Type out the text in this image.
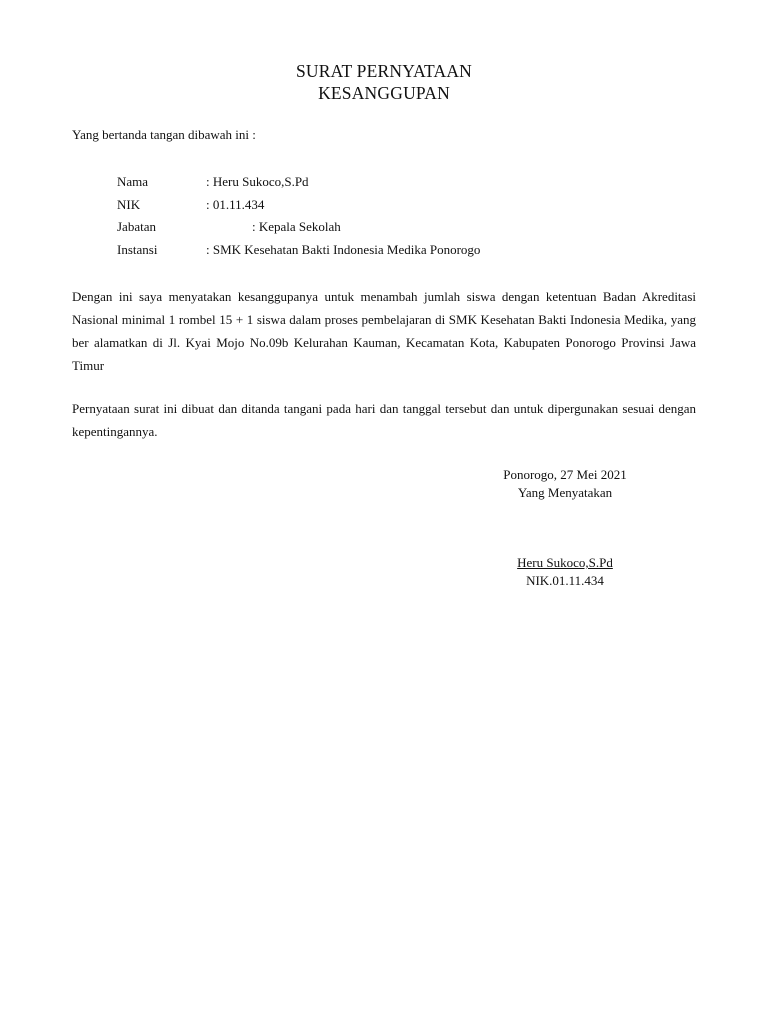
SURAT PERNYATAAN
KESANGGUPAN
Yang bertanda tangan dibawah ini :
Nama	: Heru Sukoco,S.Pd
NIK	: 01.11.434
Jabatan	: Kepala Sekolah
Instansi	: SMK Kesehatan Bakti Indonesia Medika Ponorogo
Dengan ini saya menyatakan kesanggupanya untuk menambah jumlah siswa dengan ketentuan Badan Akreditasi Nasional minimal 1 rombel 15 + 1 siswa dalam proses pembelajaran di SMK Kesehatan Bakti Indonesia Medika, yang ber alamatkan di Jl. Kyai Mojo No.09b Kelurahan Kauman, Kecamatan Kota, Kabupaten Ponorogo Provinsi Jawa Timur
Pernyataan surat ini dibuat dan ditanda tangani pada hari dan tanggal tersebut dan untuk dipergunakan sesuai dengan kepentingannya.
Ponorogo, 27 Mei 2021
Yang Menyatakan
Heru Sukoco,S.Pd
NIK.01.11.434
